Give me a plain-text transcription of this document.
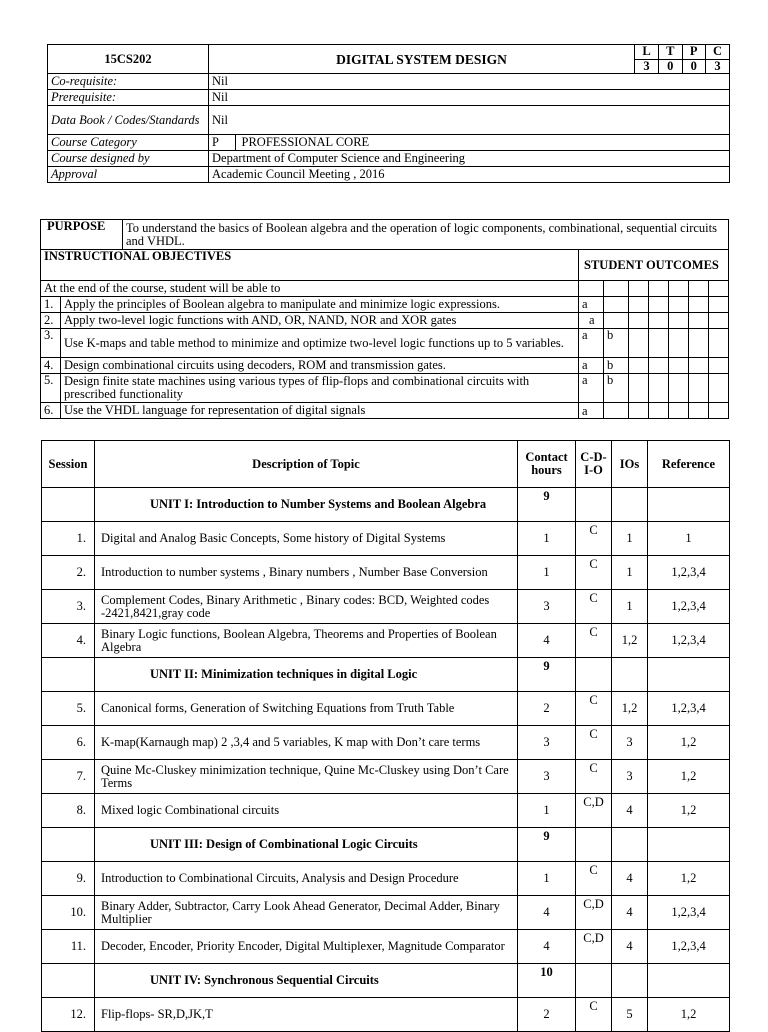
15CS202	DIGITAL SYSTEM DESIGN	
L	T	P	C
3	0	0	3

Co-requisite:	Nil
Prerequisite:	Nil
Data Book / Codes/Standards	Nil
Course Category		P	PROFESSIONAL CORE

Course designed by	Department of Computer Science and Engineering
Approval	Academic Council Meeting , 2016
PURPOSE		To understand the basics of Boolean algebra and the operation of logic components, combinational, sequential circuits and VHDL.							
INSTRUCTIONAL OBJECTIVES			STUDENT OUTCOMES						
At the end of the course, student will be able to									
1.	Apply the principles of Boolean algebra to manipulate and minimize logic expressions.		a						
2.	Apply two-level logic functions with AND, OR, NAND, NOR and XOR gates		a						
3.	Use K-maps and table method to minimize and optimize two-level logic functions up to 5 variables.		a	b					
4.	Design combinational circuits using decoders, ROM and transmission gates.		a	b					
5.	Design finite state machines using various types of flip-flops and combinational circuits with prescribed functionality		a	b					
6.	Use the VHDL language for representation of digital signals		a						
Session	Description of Topic	Contact hours	C-D-I-O	IOs	Reference
	UNIT I: Introduction to Number Systems and Boolean Algebra	9			
1.	Digital and Analog Basic Concepts, Some history of Digital Systems	1	C	1	1
2.	Introduction to number systems , Binary numbers , Number Base Conversion	1	C	1	1,2,3,4
3.	Complement Codes, Binary Arithmetic , Binary codes: BCD, Weighted codes -2421,8421,gray code	3	C	1	1,2,3,4
4.	Binary Logic functions, Boolean Algebra, Theorems and Properties of Boolean Algebra	4	C	1,2	1,2,3,4
	UNIT II: Minimization techniques in digital Logic	9			
5.	Canonical forms, Generation of Switching Equations from Truth Table	2	C	1,2	1,2,3,4
6.	K-map(Karnaugh map) 2 ,3,4 and 5 variables, K map with Don’t care terms	3	C	3	1,2
7.	Quine Mc-Cluskey minimization technique, Quine Mc-Cluskey using Don’t Care Terms	3	C	3	1,2
8.	Mixed logic Combinational circuits	1	C,D	4	1,2
	UNIT III: Design of Combinational Logic Circuits	9			
9.	Introduction to Combinational Circuits, Analysis and Design Procedure	1	C	4	1,2
10.	Binary Adder, Subtractor, Carry Look Ahead Generator, Decimal Adder, Binary Multiplier	4	C,D	4	1,2,3,4
11.	Decoder, Encoder, Priority Encoder, Digital Multiplexer, Magnitude Comparator	4	C,D	4	1,2,3,4
	UNIT IV: Synchronous Sequential Circuits	10			
12.	Flip-flops- SR,D,JK,T	2	C	5	1,2
